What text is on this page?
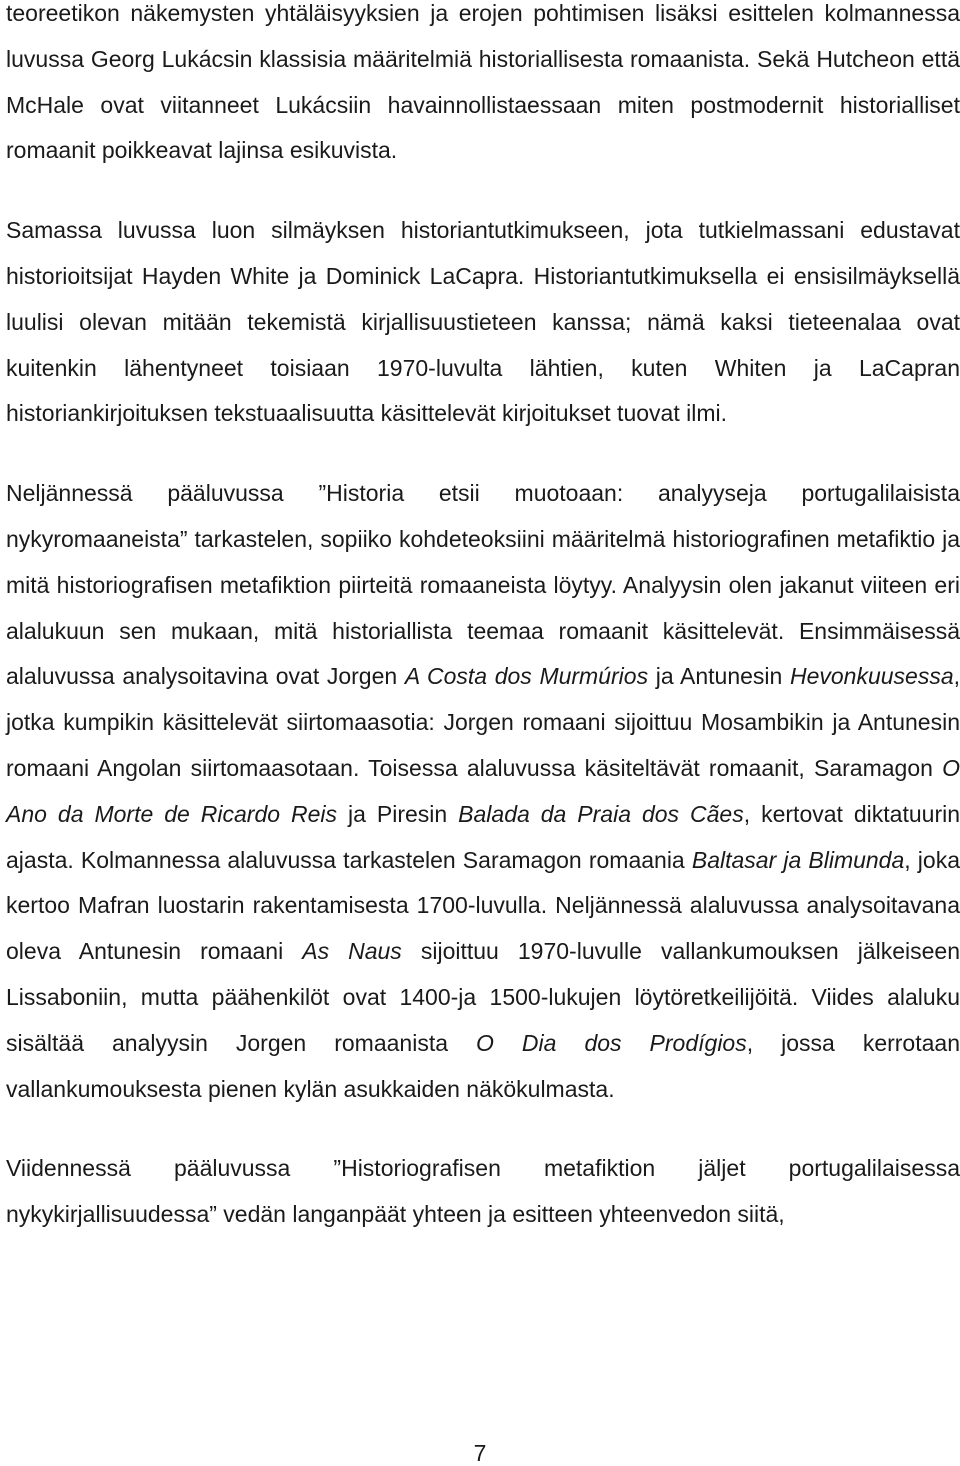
teoreetikon näkemysten yhtäläisyyksien ja erojen pohtimisen lisäksi esittelen kolmannessa luvussa Georg Lukácsin klassisia määritelmiä historiallisesta romaanista. Sekä Hutcheon että McHale ovat viitanneet Lukácsiin havainnollistaessaan miten postmodernit historialliset romaanit poikkeavat lajinsa esikuvista.

Samassa luvussa luon silmäyksen historiantutkimukseen, jota tutkielmassani edustavat historioitsijat Hayden White ja Dominick LaCapra. Historiantutkimuksella ei ensisilmäyksellä luulisi olevan mitään tekemistä kirjallisuustieteen kanssa; nämä kaksi tieteenalaa ovat kuitenkin lähentyneet toisiaan 1970-luvulta lähtien, kuten Whiten ja LaCapran historiankirjoituksen tekstuaalisuutta käsittelevät kirjoitukset tuovat ilmi.

Neljännessä pääluvussa ”Historia etsii muotoaan: analyyseja portugalilaisista nykyromaaneista” tarkastelen, sopiiko kohdeteoksiini määritelmä historiografinen metafiktio ja mitä historiografisen metafiktion piirteitä romaaneista löytyy. Analyysin olen jakanut viiteen eri alalukuun sen mukaan, mitä historiallista teemaa romaanit käsittelevät. Ensimmäisessä alaluvussa analysoitavina ovat Jorgen A Costa dos Murmúrios ja Antunesin Hevonkuusessa, jotka kumpikin käsittelevät siirtomaasotia: Jorgen romaani sijoittuu Mosambikin ja Antunesin romaani Angolan siirtomaasotaan. Toisessa alaluvussa käsiteltävät romaanit, Saramagon O Ano da Morte de Ricardo Reis ja Piresin Balada da Praia dos Cães, kertovat diktatuurin ajasta. Kolmannessa alaluvussa tarkastelen Saramagon romaania Baltasar ja Blimunda, joka kertoo Mafran luostarin rakentamisesta 1700-luvulla. Neljännessä alaluvussa analysoitavana oleva Antunesin romaani As Naus sijoittuu 1970-luvulle vallankumouksen jälkeiseen Lissaboniin, mutta päähenkilöt ovat 1400-ja 1500-lukujen löytöretkeilijöitä. Viides alaluku sisältää analyysin Jorgen romaanista O Dia dos Prodígios, jossa kerrotaan vallankumouksesta pienen kylän asukkaiden näkökulmasta.

Viidennessä pääluvussa ”Historiografisen metafiktion jäljet portugalilaisessa nykykirjallisuudessa” vedän langanpäät yhteen ja esitteen yhteenvedon siitä,

7
